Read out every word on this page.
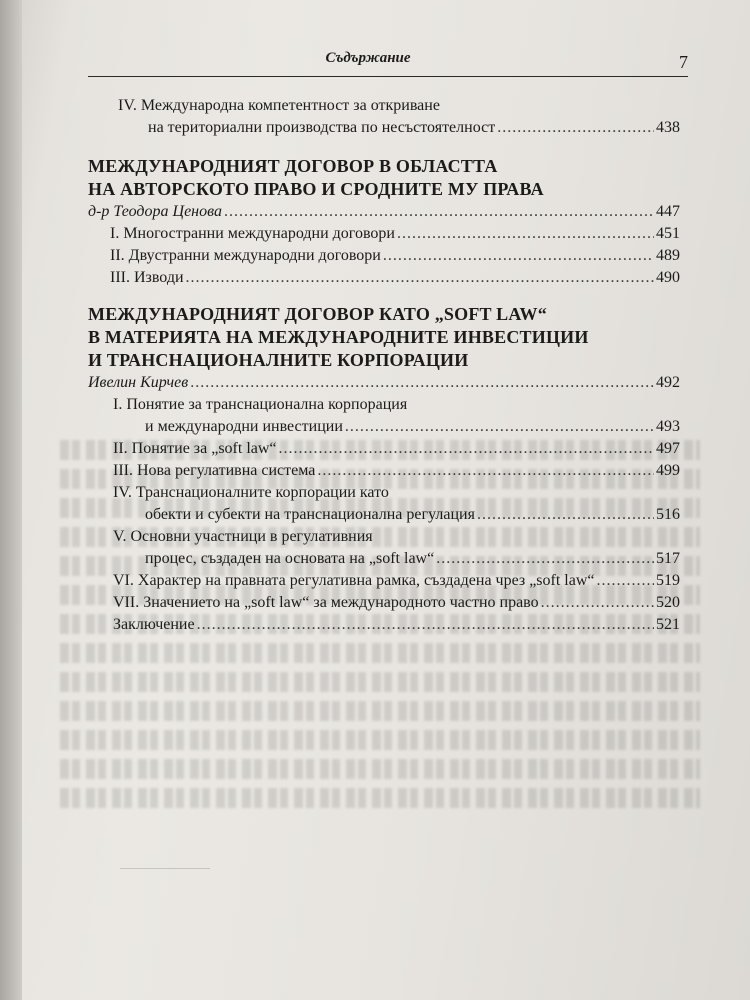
Съдържание	7
IV. Международна компетентност за откриване
на териториални производства по несъстоятелност .....	438
МЕЖДУНАРОДНИЯТ ДОГОВОР В ОБЛАСТТА
НА АВТОРСКОТО ПРАВО И СРОДНИТЕ МУ ПРАВА
д-р Теодора Ценова .....	447
I. Многостранни международни договори .....	451
II. Двустранни международни договори .....	489
III. Изводи .....	490
МЕЖДУНАРОДНИЯТ ДОГОВОР КАТО „SOFT LAW“
В МАТЕРИЯТА НА МЕЖДУНАРОДНИТЕ ИНВЕСТИЦИИ
И ТРАНСНАЦИОНАЛНИТЕ КОРПОРАЦИИ
Ивелин Кирчев .....	492
I. Понятие за транснационална корпорация
и международни инвестиции .....	493
II. Понятие за „soft law“ .....	497
III. Нова регулативна система .....	499
IV. Транснационалните корпорации като
обекти и субекти на транснационална регулация .....	516
V. Основни участници в регулативния
процес, създаден на основата на „soft law“ .....	517
VI. Характер на правната регулативна рамка, създадена чрез „soft law“ .....	519
VII. Значението на „soft law“ за международното частно право .....	520
Заключение .....	521
